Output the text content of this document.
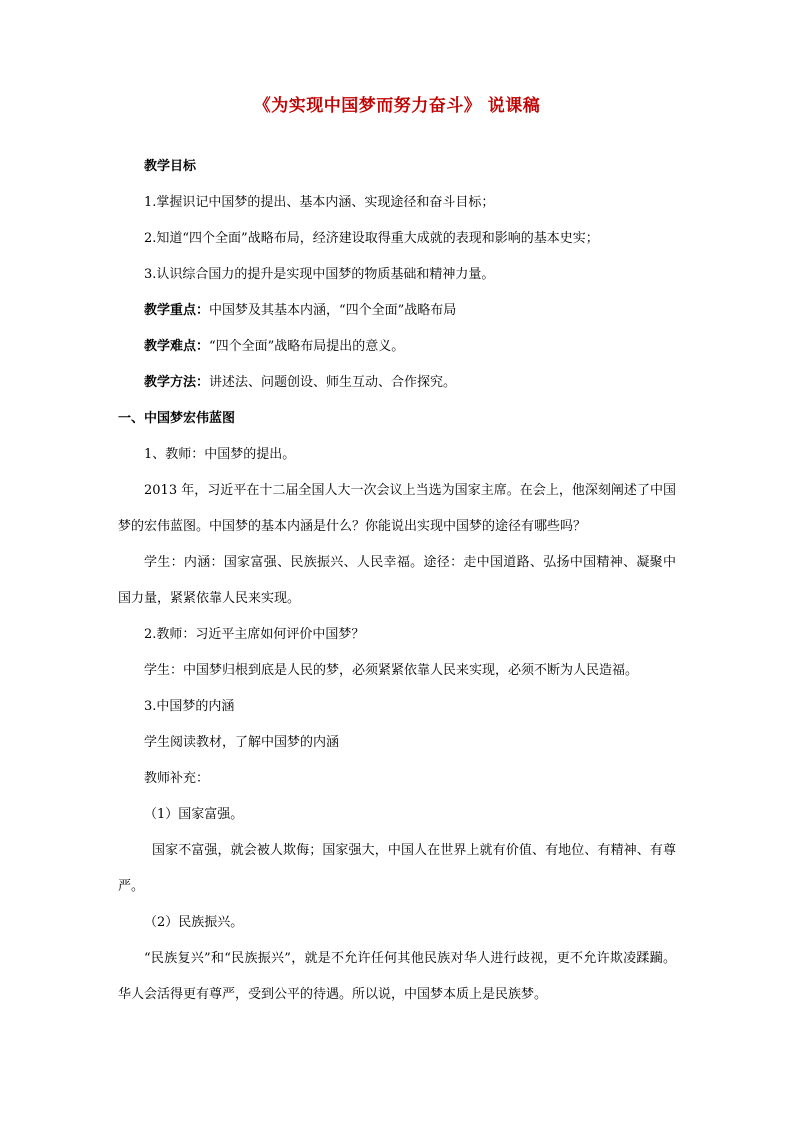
《为实现中国梦而努力奋斗》 说课稿

教学目标

1.掌握识记中国梦的提出、基本内涵、实现途径和奋斗目标；

2.知道“四个全面”战略布局，经济建设取得重大成就的表现和影响的基本史实；

3.认识综合国力的提升是实现中国梦的物质基础和精神力量。

教学重点：中国梦及其基本内涵，“四个全面”战略布局

教学难点：“四个全面”战略布局提出的意义。

教学方法：讲述法、问题创设、师生互动、合作探究。

一、中国梦宏伟蓝图

1、教师：中国梦的提出。

2013 年，习近平在十二届全国人大一次会议上当选为国家主席。在会上，他深刻阐述了中国梦的宏伟蓝图。中国梦的基本内涵是什么？你能说出实现中国梦的途径有哪些吗？

学生：内涵：国家富强、民族振兴、人民幸福。途径：走中国道路、弘扬中国精神、凝聚中国力量，紧紧依靠人民来实现。

2.教师：习近平主席如何评价中国梦？

学生：中国梦归根到底是人民的梦，必须紧紧依靠人民来实现，必须不断为人民造福。

3.中国梦的内涵

学生阅读教材，了解中国梦的内涵

教师补充：

（1）国家富强。

国家不富强，就会被人欺侮；国家强大，中国人在世界上就有价值、有地位、有精神、有尊严。

（2）民族振兴。

“民族复兴”和“民族振兴”，就是不允许任何其他民族对华人进行歧视，更不允许欺凌蹂躏。华人会活得更有尊严，受到公平的待遇。所以说，中国梦本质上是民族梦。
